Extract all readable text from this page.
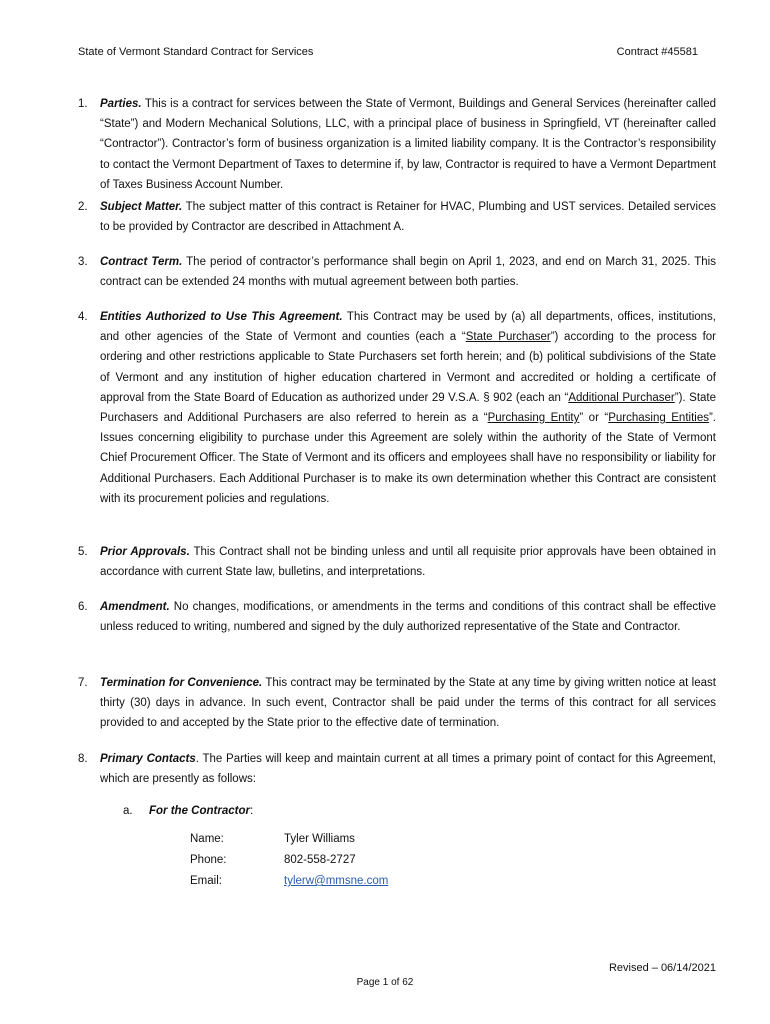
State of Vermont Standard Contract for Services	Contract #45581
1. Parties. This is a contract for services between the State of Vermont, Buildings and General Services (hereinafter called “State”) and Modern Mechanical Solutions, LLC, with a principal place of business in Springfield, VT (hereinafter called “Contractor”). Contractor’s form of business organization is a limited liability company. It is the Contractor’s responsibility to contact the Vermont Department of Taxes to determine if, by law, Contractor is required to have a Vermont Department of Taxes Business Account Number.
2. Subject Matter. The subject matter of this contract is Retainer for HVAC, Plumbing and UST services. Detailed services to be provided by Contractor are described in Attachment A.
3. Contract Term. The period of contractor’s performance shall begin on April 1, 2023, and end on March 31, 2025. This contract can be extended 24 months with mutual agreement between both parties.
4. Entities Authorized to Use This Agreement. This Contract may be used by (a) all departments, offices, institutions, and other agencies of the State of Vermont and counties (each a “State Purchaser”) according to the process for ordering and other restrictions applicable to State Purchasers set forth herein; and (b) political subdivisions of the State of Vermont and any institution of higher education chartered in Vermont and accredited or holding a certificate of approval from the State Board of Education as authorized under 29 V.S.A. § 902 (each an “Additional Purchaser”). State Purchasers and Additional Purchasers are also referred to herein as a “Purchasing Entity” or “Purchasing Entities”. Issues concerning eligibility to purchase under this Agreement are solely within the authority of the State of Vermont Chief Procurement Officer. The State of Vermont and its officers and employees shall have no responsibility or liability for Additional Purchasers. Each Additional Purchaser is to make its own determination whether this Contract are consistent with its procurement policies and regulations.
5. Prior Approvals. This Contract shall not be binding unless and until all requisite prior approvals have been obtained in accordance with current State law, bulletins, and interpretations.
6. Amendment. No changes, modifications, or amendments in the terms and conditions of this contract shall be effective unless reduced to writing, numbered and signed by the duly authorized representative of the State and Contractor.
7. Termination for Convenience. This contract may be terminated by the State at any time by giving written notice at least thirty (30) days in advance. In such event, Contractor shall be paid under the terms of this contract for all services provided to and accepted by the State prior to the effective date of termination.
8. Primary Contacts. The Parties will keep and maintain current at all times a primary point of contact for this Agreement, which are presently as follows:
a. For the Contractor:
Name:	Tyler Williams
Phone:	802-558-2727
Email:	tylerw@mmsne.com
Revised – 06/14/2021
Page 1 of 62
